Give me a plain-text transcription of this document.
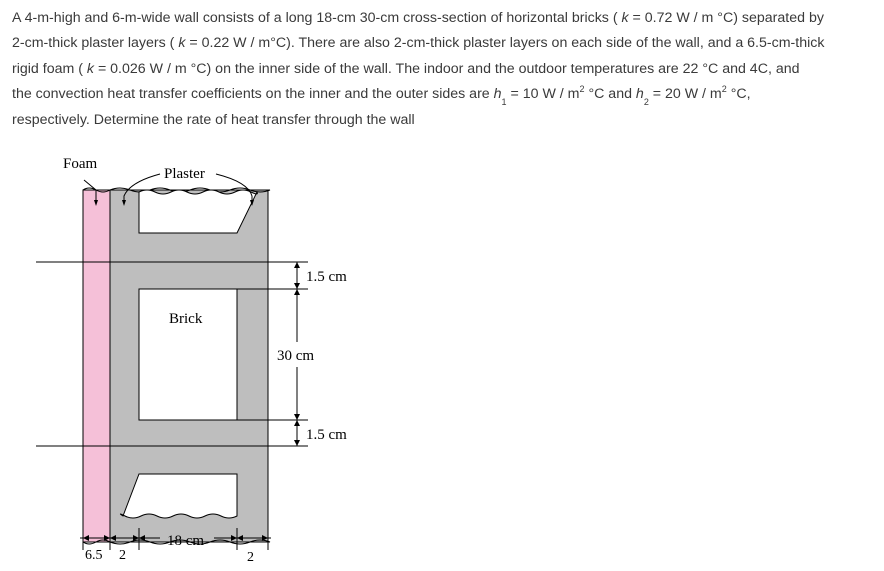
A 4-m-high and 6-m-wide wall consists of a long 18-cm 30-cm cross-section of horizontal bricks ( k = 0.72 W / m °C) separated by
2-cm-thick plaster layers ( k = 0.22 W / m°C). There are also 2-cm-thick plaster layers on each side of the wall, and a 6.5-cm-thick
rigid foam ( k = 0.026 W / m °C) on the inner side of the wall. The indoor and the outdoor temperatures are 22 °C and 4C, and
the convection heat transfer coefficients on the inner and the outer sides are $h_1 = 10$ W / $m^2$ °C and $h_2 = 20$ W / $m^2$ °C,
respectively. Determine the rate of heat transfer through the wall
Foam
Plaster
Brick
1.5 cm
30 cm
1.5 cm
6.5 2
18 cm
2
